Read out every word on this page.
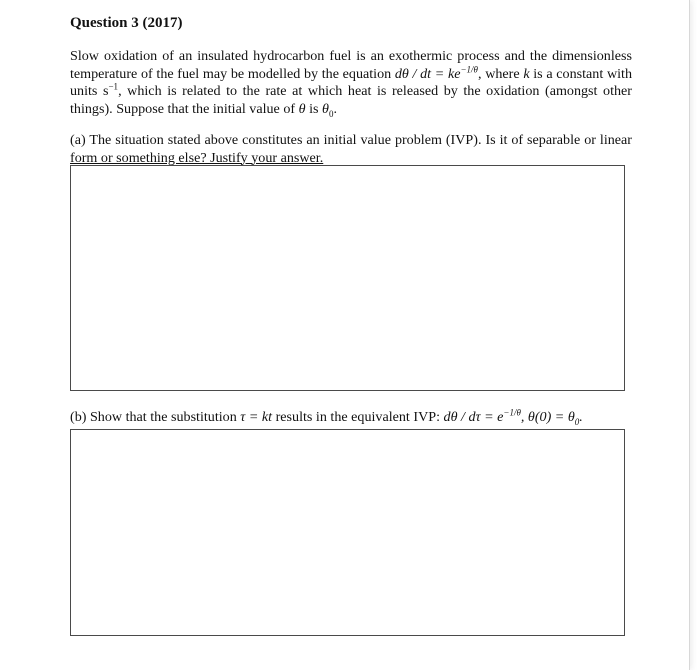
Question 3 (2017)
Slow oxidation of an insulated hydrocarbon fuel is an exothermic process and the dimensionless
temperature of the fuel may be modelled by the equation dθ / dt = $ke^{-1/\theta}$, where k is a constant with
units $s^{-1}$, which is related to the rate at which heat is released by the oxidation (amongst other
things). Suppose that the initial value of θ is $\theta_0$.
(a) The situation stated above constitutes an initial value problem (IVP). Is it of separable or linear
form or something else? Justify your answer.
(b) Show that the substitution τ = kt results in the equivalent IVP: $d\theta / d\tau = e^{-1/\theta}$, $\theta(0) = \theta_0$.
